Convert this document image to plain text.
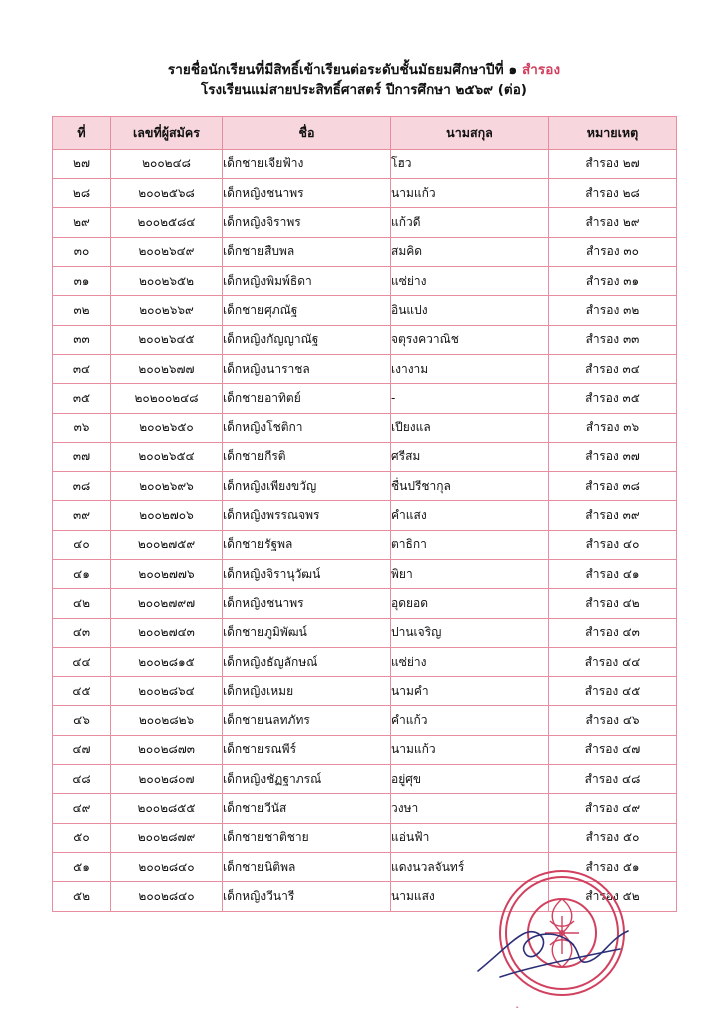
รายชื่อนักเรียนที่มีสิทธิ์เข้าเรียนต่อระดับชั้นมัธยมศึกษาปีที่ ๑ สำรอง
โรงเรียนแม่สายประสิทธิ์ศาสตร์ ปีการศึกษา ๒๕๖๙ (ต่อ)
ที่	เลขที่ผู้สมัคร	ชื่อ	นามสกุล	หมายเหตุ
๒๗	๒๐๐๒๔๘	เด็กชายเจียฟ้าง	โฮว	สำรอง ๒๗
๒๘	๒๐๐๒๕๖๘	เด็กหญิงชนาพร	นามแก้ว	สำรอง ๒๘
๒๙	๒๐๐๒๕๘๔	เด็กหญิงจิราพร	แก้วดี	สำรอง ๒๙
๓๐	๒๐๐๒๖๔๙	เด็กชายสืบพล	สมคิด	สำรอง ๓๐
๓๑	๒๐๐๒๖๕๒	เด็กหญิงพิมพ์ธิดา	แซ่ย่าง	สำรอง ๓๑
๓๒	๒๐๐๒๖๖๙	เด็กชายศุภณัฐ	อินแปง	สำรอง ๓๒
๓๓	๒๐๐๒๖๔๕	เด็กหญิงกัญญาณัฐ	จตุรงควาณิช	สำรอง ๓๓
๓๔	๒๐๐๒๖๗๗	เด็กหญิงนาราชล	เงางาม	สำรอง ๓๔
๓๕	๒๐๒๐๐๒๔๘	เด็กชายอาทิตย์	-	สำรอง ๓๕
๓๖	๒๐๐๒๖๕๐	เด็กหญิงโชติกา	เปียงแล	สำรอง ๓๖
๓๗	๒๐๐๒๖๕๔	เด็กชายกีรติ	ศรีสม	สำรอง ๓๗
๓๘	๒๐๐๒๖๙๖	เด็กหญิงเพียงขวัญ	ชื่นปรีชากุล	สำรอง ๓๘
๓๙	๒๐๐๒๗๐๖	เด็กหญิงพรรณจพร	คำแสง	สำรอง ๓๙
๔๐	๒๐๐๒๗๕๙	เด็กชายรัฐพล	ตาธิกา	สำรอง ๔๐
๔๑	๒๐๐๒๗๗๖	เด็กหญิงจิรานุวัฒน์	พิยา	สำรอง ๔๑
๔๒	๒๐๐๒๗๙๗	เด็กหญิงชนาพร	อุดยอด	สำรอง ๔๒
๔๓	๒๐๐๒๗๔๓	เด็กชายภูมิพัฒน์	ปานเจริญ	สำรอง ๔๓
๔๔	๒๐๐๒๘๑๕	เด็กหญิงธัญลักษณ์	แซ่ย่าง	สำรอง ๔๔
๔๕	๒๐๐๒๘๖๔	เด็กหญิงเหมย	นามคำ	สำรอง ๔๕
๔๖	๒๐๐๒๘๒๖	เด็กชายนลทภัทร	คำแก้ว	สำรอง ๔๖
๔๗	๒๐๐๒๘๗๓	เด็กชายรณพีร์	นามแก้ว	สำรอง ๔๗
๔๘	๒๐๐๒๘๐๗	เด็กหญิงชัฏฐาภรณ์	อยู่ศุข	สำรอง ๔๘
๔๙	๒๐๐๒๘๕๕	เด็กชายวีนัส	วงษา	สำรอง ๔๙
๕๐	๒๐๐๒๘๗๙	เด็กชายชาติชาย	แอ่นฟ้า	สำรอง ๕๐
๕๑	๒๐๐๒๘๔๐	เด็กชายนิติพล	แดงนวลจันทร์	สำรอง ๕๑
๕๒	๒๐๐๒๘๔๐	เด็กหญิงวีนารี	นามแสง	สำรอง ๕๒
